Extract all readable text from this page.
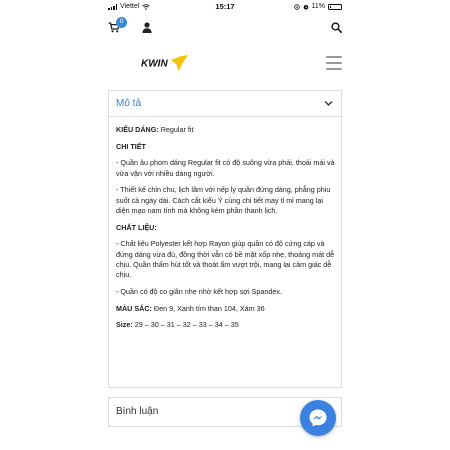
Viettel	15:17	11%
0
KWIN
Mô tả

KIỂU DÁNG: Regular fit

CHI TIẾT

- Quần âu phom dáng Regular fit có độ suông vừa phải, thoải mái và vừa vặn với nhiều dáng người.

- Thiết kế chỉn chu, lịch lãm với nếp ly quần đứng dáng, phẳng phiu suốt cả ngày dài. Cách cắt kiểu Ý cùng chi tiết may tỉ mỉ mang lại diện mạo nam tính mà không kém phần thanh lịch.

CHẤT LIỆU:

- Chất liệu Polyester kết hợp Rayon giúp quần có độ cứng cáp và đứng dáng vừa đủ, đồng thời vẫn có bề mặt xốp nhẹ, thoáng mát dễ chịu. Quần thấm hút tốt và thoát ẩm vượt trội, mang lại cảm giác dễ chịu.

- Quần có độ co giãn nhẹ nhờ kết hợp sợi Spandex.

MÀU SẮC: Đen 9, Xanh tím than 104, Xám 36

Size: 29 – 30 – 31 – 32 – 33 – 34 – 35

Bình luận
